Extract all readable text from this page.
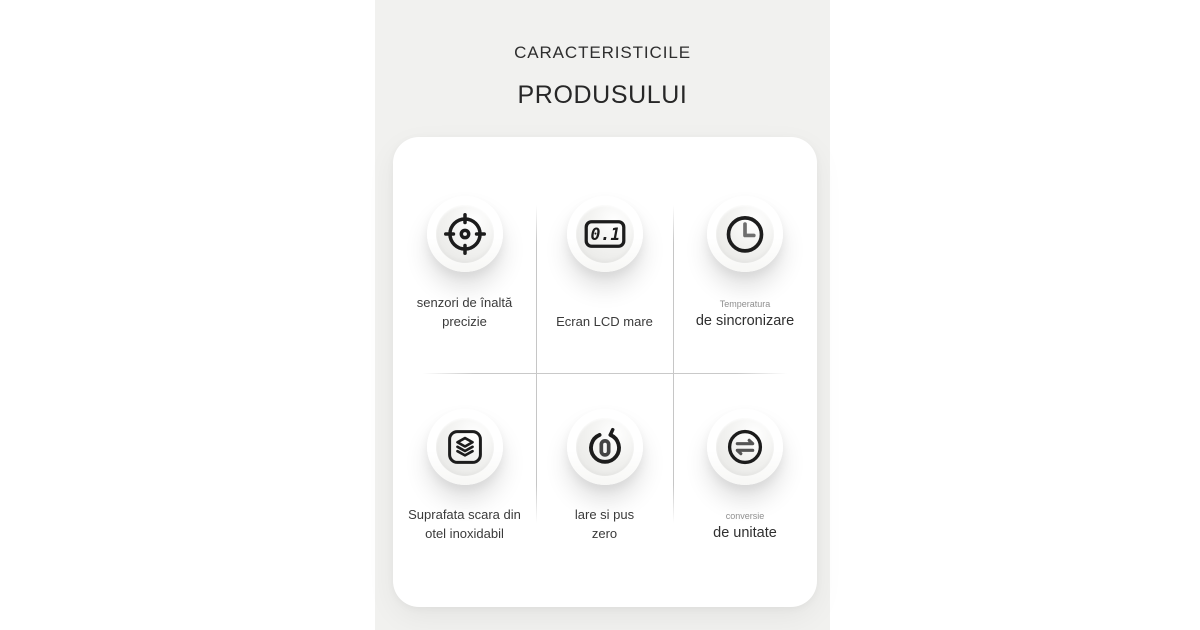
CARACTERISTICILE
PRODUSULUI
senzori de înaltă
precizie
0.1
Ecran LCD mare
Temperatura
de sincronizare
Suprafata scara din
otel inoxidabil
lare si pus
zero
conversie
de unitate
